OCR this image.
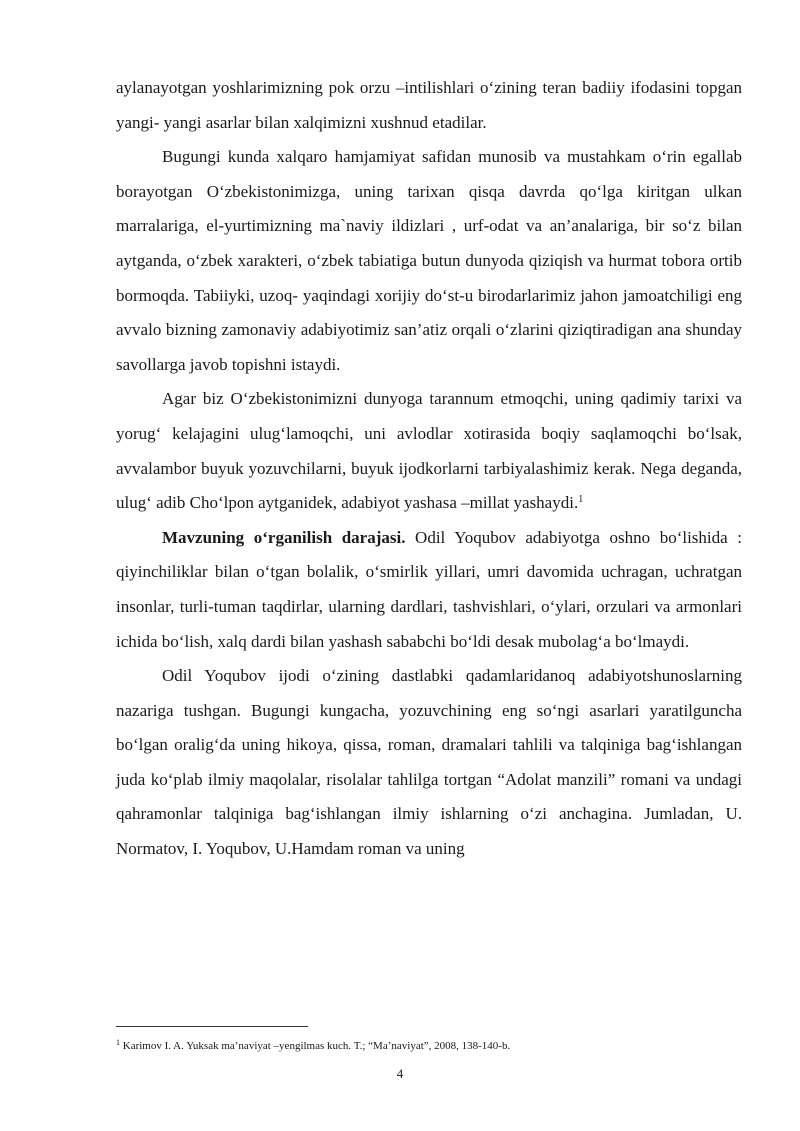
aylanayotgan yoshlarimizning pok orzu –intilishlari o‘zining teran badiiy ifodasini topgan yangi- yangi asarlar bilan xalqimizni xushnud etadilar.

Bugungi kunda xalqaro hamjamiyat safidan munosib va mustahkam o‘rin egallab borayotgan O‘zbekistonimizga, uning tarixan qisqa davrda qo‘lga kiritgan ulkan marralariga, el-yurtimizning ma`naviy ildizlari , urf-odat va an’analariga, bir so‘z bilan aytganda, o‘zbek xarakteri, o‘zbek tabiatiga butun dunyoda qiziqish va hurmat tobora ortib bormoqda. Tabiiyki, uzoq- yaqindagi xorijiy do‘st-u birodarlarimiz jahon jamoatchiligi eng avvalo bizning zamonaviy adabiyotimiz san’atiz orqali o‘zlarini qiziqtiradigan ana shunday savollarga javob topishni istaydi.

Agar biz O‘zbekistonimizni dunyoga tarannum etmoqchi, uning qadimiy tarixi va yorug‘ kelajagini ulug‘lamoqchi, uni avlodlar xotirasida boqiy saqlamoqchi bo‘lsak, avvalambor buyuk yozuvchilarni, buyuk ijodkorlarni tarbiyalashimiz kerak. Nega deganda, ulug‘ adib Cho‘lpon aytganidek, adabiyot yashasa –millat yashaydi.$^1$

Mavzuning o‘rganilish darajasi. Odil Yoqubov adabiyotga oshno bo‘lishida : qiyinchiliklar bilan o‘tgan bolalik, o‘smirlik yillari, umri davomida uchragan, uchratgan insonlar, turli-tuman taqdirlar, ularning dardlari, tashvishlari, o‘ylari, orzulari va armonlari ichida bo‘lish, xalq dardi bilan yashash sababchi bo‘ldi desak mubolag‘a bo‘lmaydi.

Odil Yoqubov ijodi o‘zining dastlabki qadamlaridanoq adabiyotshunoslarning nazariga tushgan. Bugungi kungacha, yozuvchining eng so‘ngi asarlari yaratilguncha bo‘lgan oralig‘da uning hikoya, qissa, roman, dramalari tahlili va talqiniga bag‘ishlangan juda ko‘plab ilmiy maqolalar, risolalar tahlilga tortgan “Adolat manzili” romani va undagi qahramonlar talqiniga bag‘ishlangan ilmiy ishlarning o‘zi anchagina. Jumladan, U. Normatov, I. Yoqubov, U.Hamdam roman va uning

$^1$ Karimov I. A. Yuksak ma’naviyat –yengilmas kuch. T.; “Ma’naviyat”, 2008, 138-140-b.
4
